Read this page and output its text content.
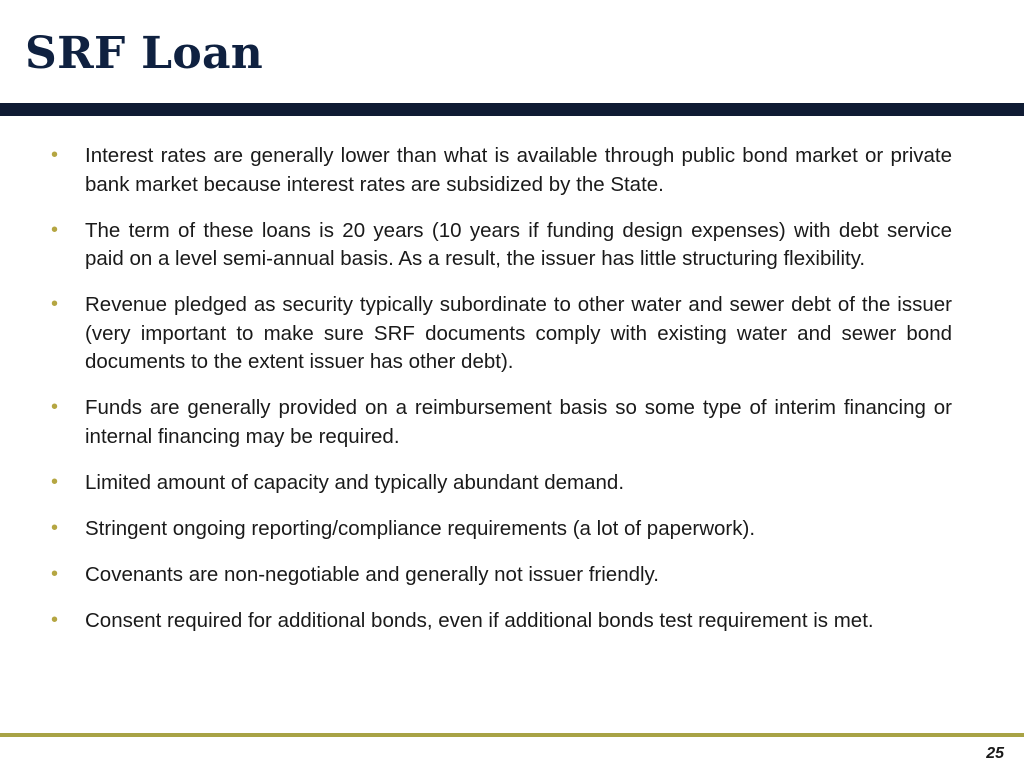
SRF Loan
• Interest rates are generally lower than what is available through public bond market or private bank market because interest rates are subsidized by the State.
• The term of these loans is 20 years (10 years if funding design expenses) with debt service paid on a level semi-annual basis. As a result, the issuer has little structuring flexibility.
• Revenue pledged as security typically subordinate to other water and sewer debt of the issuer (very important to make sure SRF documents comply with existing water and sewer bond documents to the extent issuer has other debt).
• Funds are generally provided on a reimbursement basis so some type of interim financing or internal financing may be required.
• Limited amount of capacity and typically abundant demand.
• Stringent ongoing reporting/compliance requirements (a lot of paperwork).
• Covenants are non-negotiable and generally not issuer friendly.
• Consent required for additional bonds, even if additional bonds test requirement is met.
25
